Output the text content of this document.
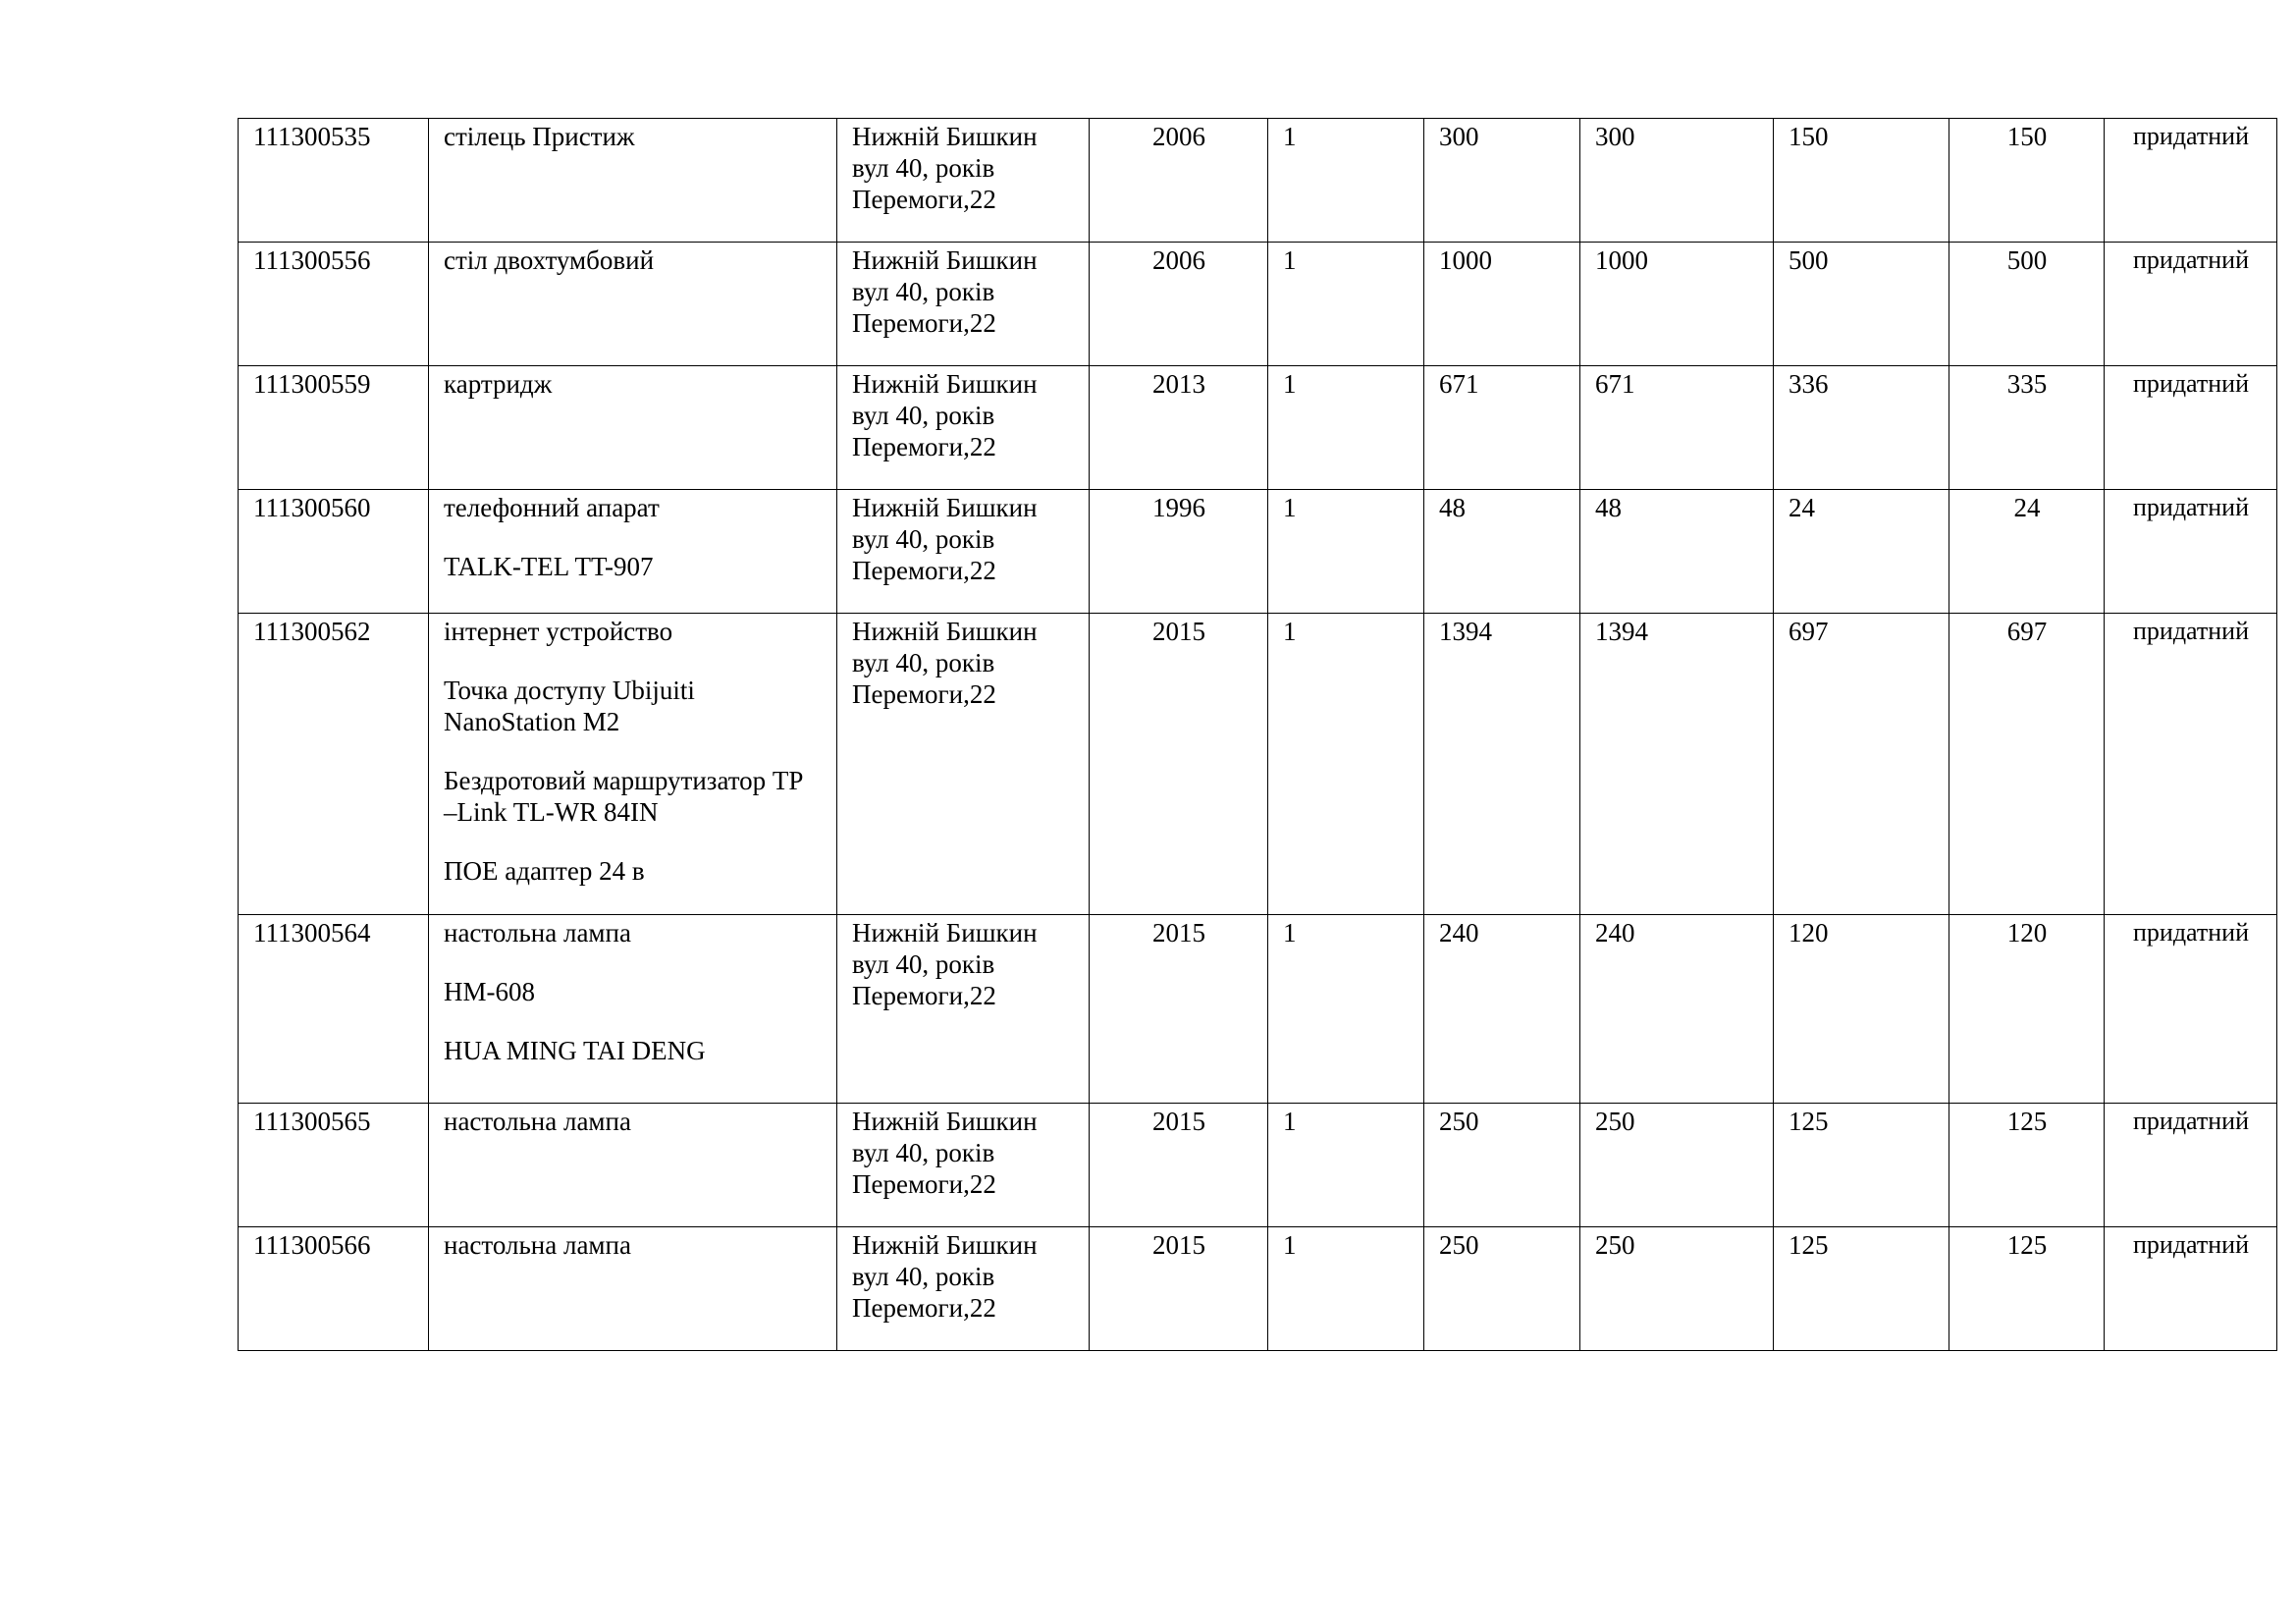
111300535	стілець Пристиж	Нижній Бишкин
вул 40, років
Перемоги,22	2006	1	300	300	150	150	придатний
111300556	стіл двохтумбовий	Нижній Бишкин
вул 40, років
Перемоги,22	2006	1	1000	1000	500	500	придатний
111300559	картридж	Нижній Бишкин
вул 40, років
Перемоги,22	2013	1	671	671	336	335	придатний
111300560	телефонний апарат
TALK-TEL TT-907	Нижній Бишкин
вул 40, років
Перемоги,22	1996	1	48	48	24	24	придатний
111300562	інтернет устройство
Точка доступу Ubijuiti NanoStation M2
Бездротовий маршрутизатор ТР –Link TL-WR 84IN
ПОЕ адаптер 24 в	Нижній Бишкин
вул 40, років
Перемоги,22	2015	1	1394	1394	697	697	придатний
111300564	настольна лампа
HM-608
HUA MING TAI DENG	Нижній Бишкин
вул 40, років
Перемоги,22	2015	1	240	240	120	120	придатний
111300565	настольна лампа	Нижній Бишкин
вул 40, років
Перемоги,22	2015	1	250	250	125	125	придатний
111300566	настольна лампа	Нижній Бишкин
вул 40, років
Перемоги,22	2015	1	250	250	125	125	придатний
